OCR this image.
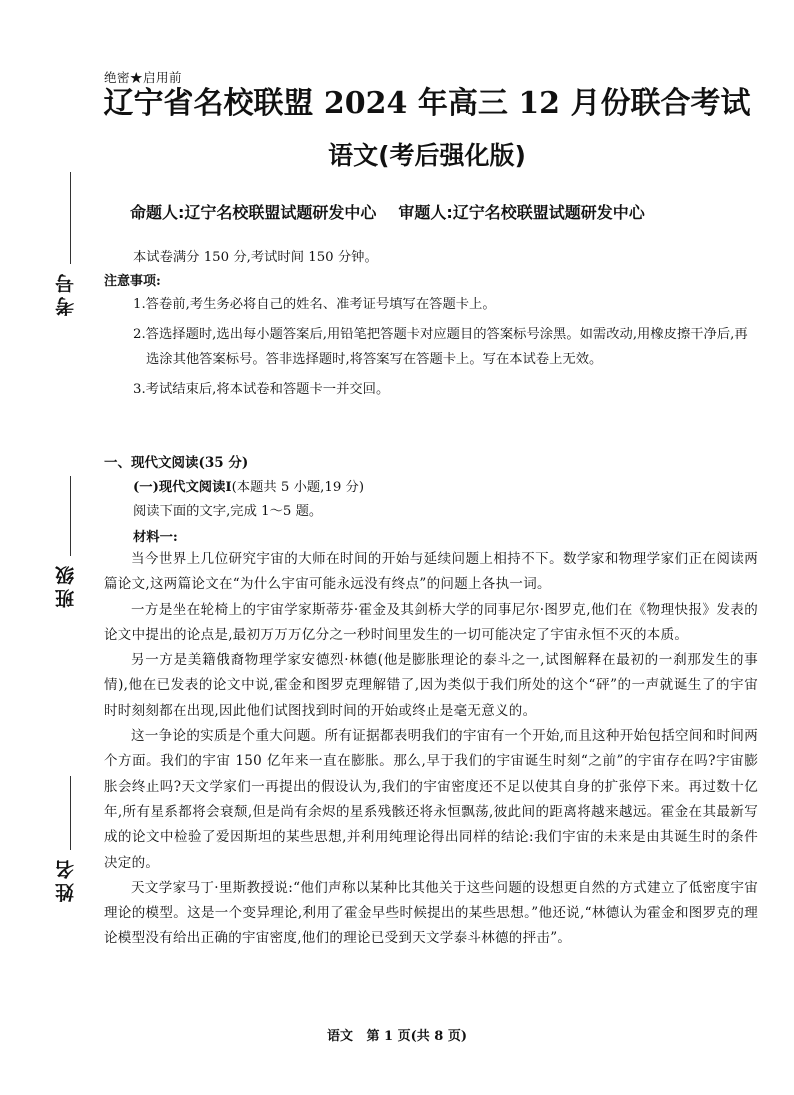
考号
班级
姓名
绝密★启用前
辽宁省名校联盟 2024 年高三 12 月份联合考试
语文(考后强化版)
命题人:辽宁名校联盟试题研发中心 审题人:辽宁名校联盟试题研发中心
本试卷满分 150 分,考试时间 150 分钟。
注意事项:
1.答卷前,考生务必将自己的姓名、准考证号填写在答题卡上。
2.答选择题时,选出每小题答案后,用铅笔把答题卡对应题目的答案标号涂黑。如需改动,用橡皮擦干净后,再选涂其他答案标号。答非选择题时,将答案写在答题卡上。写在本试卷上无效。
3.考试结束后,将本试卷和答题卡一并交回。
一、现代文阅读(35 分)
(一)现代文阅读Ⅰ(本题共 5 小题,19 分)
阅读下面的文字,完成 1～5 题。
材料一:

当今世界上几位研究宇宙的大师在时间的开始与延续问题上相持不下。数学家和物理学家们正在阅读两篇论文,这两篇论文在“为什么宇宙可能永远没有终点”的问题上各执一词。

一方是坐在轮椅上的宇宙学家斯蒂芬·霍金及其剑桥大学的同事尼尔·图罗克,他们在《物理快报》发表的论文中提出的论点是,最初万万万亿分之一秒时间里发生的一切可能决定了宇宙永恒不灭的本质。

另一方是美籍俄裔物理学家安德烈·林德(他是膨胀理论的泰斗之一,试图解释在最初的一刹那发生的事情),他在已发表的论文中说,霍金和图罗克理解错了,因为类似于我们所处的这个“砰”的一声就诞生了的宇宙时时刻刻都在出现,因此他们试图找到时间的开始或终止是毫无意义的。

这一争论的实质是个重大问题。所有证据都表明我们的宇宙有一个开始,而且这种开始包括空间和时间两个方面。我们的宇宙 150 亿年来一直在膨胀。那么,早于我们的宇宙诞生时刻“之前”的宇宙存在吗?宇宙膨胀会终止吗?天文学家们一再提出的假设认为,我们的宇宙密度还不足以使其自身的扩张停下来。再过数十亿年,所有星系都将会衰颓,但是尚有余烬的星系残骸还将永恒飘荡,彼此间的距离将越来越远。霍金在其最新写成的论文中检验了爱因斯坦的某些思想,并利用纯理论得出同样的结论:我们宇宙的未来是由其诞生时的条件决定的。

天文学家马丁·里斯教授说:“他们声称以某种比其他关于这些问题的设想更自然的方式建立了低密度宇宙理论的模型。这是一个变异理论,利用了霍金早些时候提出的某些思想。”他还说,“林德认为霍金和图罗克的理论模型没有给出正确的宇宙密度,他们的理论已受到天文学泰斗林德的抨击”。

语文   第 1 页(共 8 页)
